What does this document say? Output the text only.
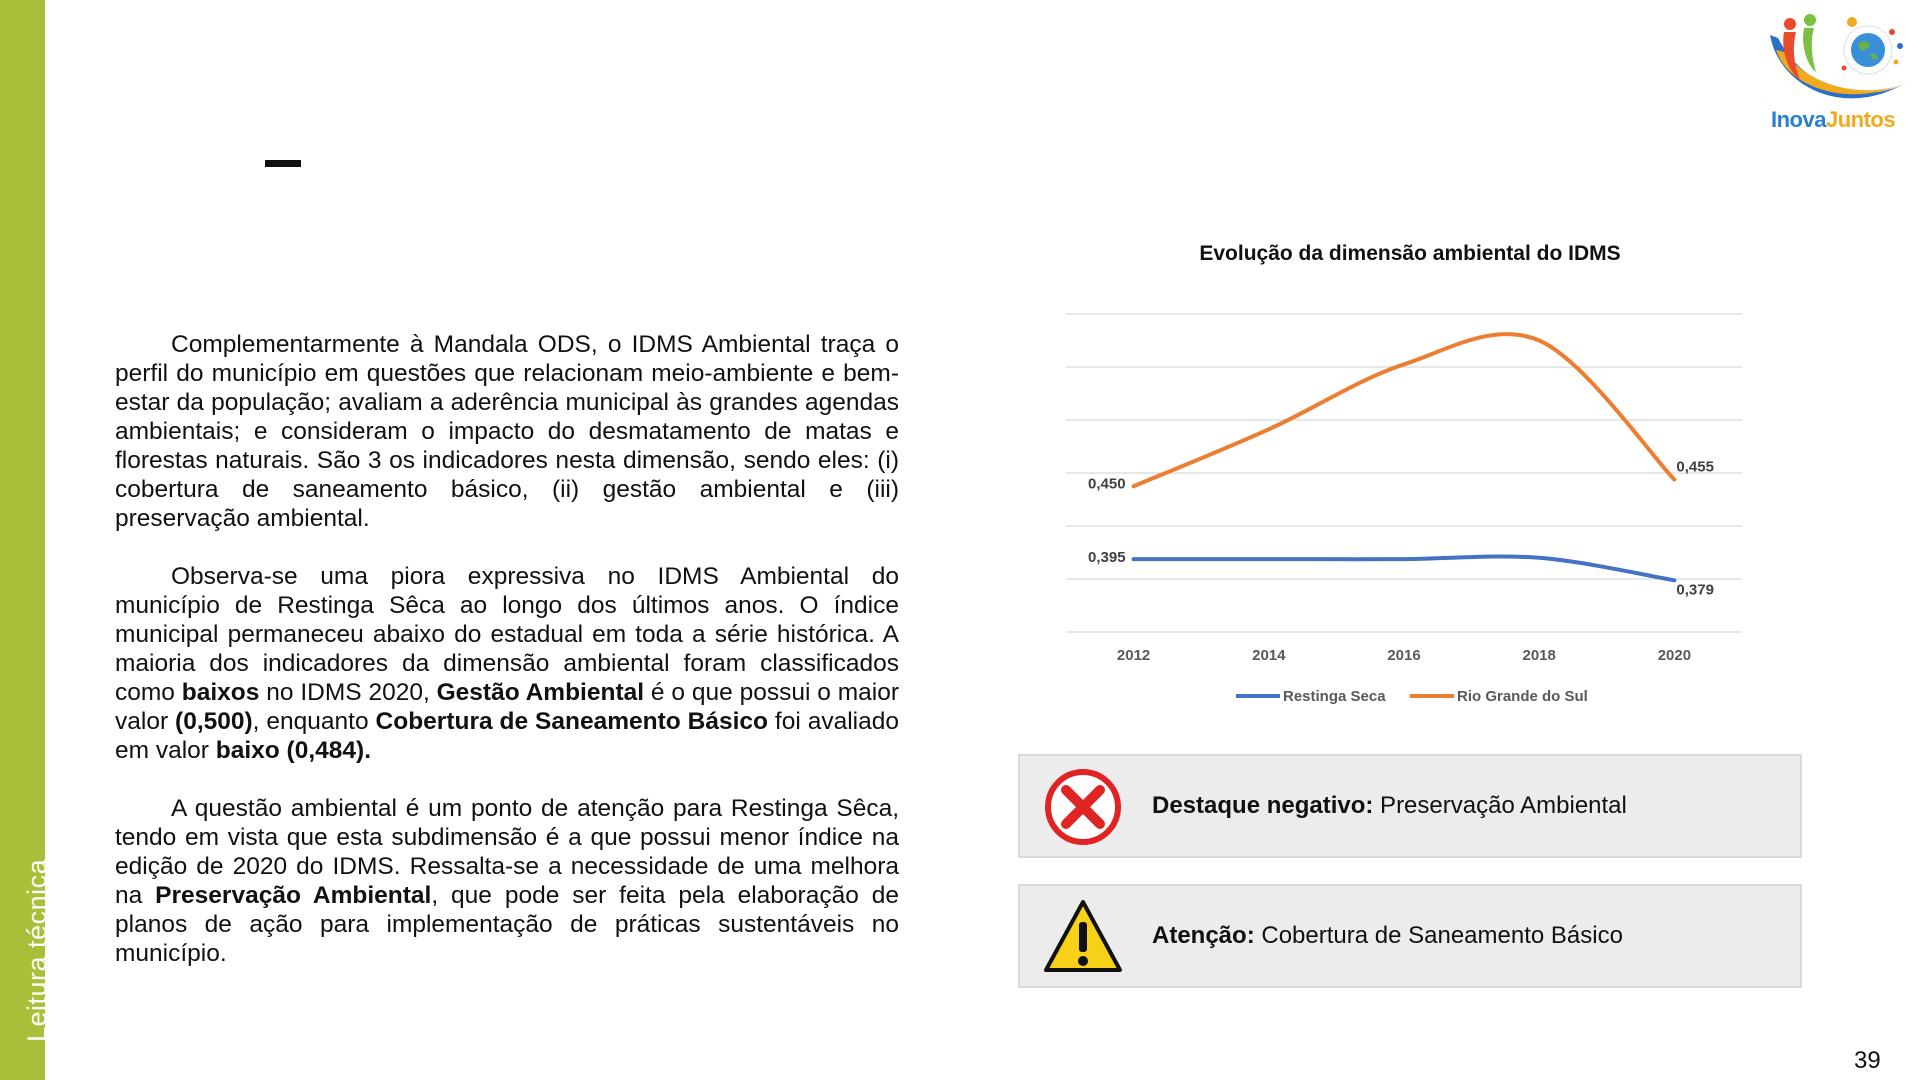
Leitura técnica
InovaJuntos

Complementarmente à Mandala ODS, o IDMS Ambiental traça o perfil do município em questões que relacionam meio-ambiente e bem-estar da população; avaliam a aderência municipal às grandes agendas ambientais; e consideram o impacto do desmatamento de matas e florestas naturais. São 3 os indicadores nesta dimensão, sendo eles: (i) cobertura de saneamento básico, (ii) gestão ambiental e (iii) preservação ambiental.

Observa-se uma piora expressiva no IDMS Ambiental do município de Restinga Sêca ao longo dos últimos anos. O índice municipal permaneceu abaixo do estadual em toda a série histórica. A maioria dos indicadores da dimensão ambiental foram classificados como baixos no IDMS 2020, Gestão Ambiental é o que possui o maior valor (0,500), enquanto Cobertura de Saneamento Básico foi avaliado em valor baixo (0,484).

A questão ambiental é um ponto de atenção para Restinga Sêca, tendo em vista que esta subdimensão é a que possui menor índice na edição de 2020 do IDMS. Ressalta-se a necessidade de uma melhora na Preservação Ambiental, que pode ser feita pela elaboração de planos de ação para implementação de práticas sustentáveis no município.

Evolução da dimensão ambiental do IDMS
2012	2014	2016	2018	2020
0,395
0,379
0,450
0,455
Restinga Seca	Rio Grande do Sul
Destaque negativo: Preservação Ambiental
Atenção: Cobertura de Saneamento Básico
39
